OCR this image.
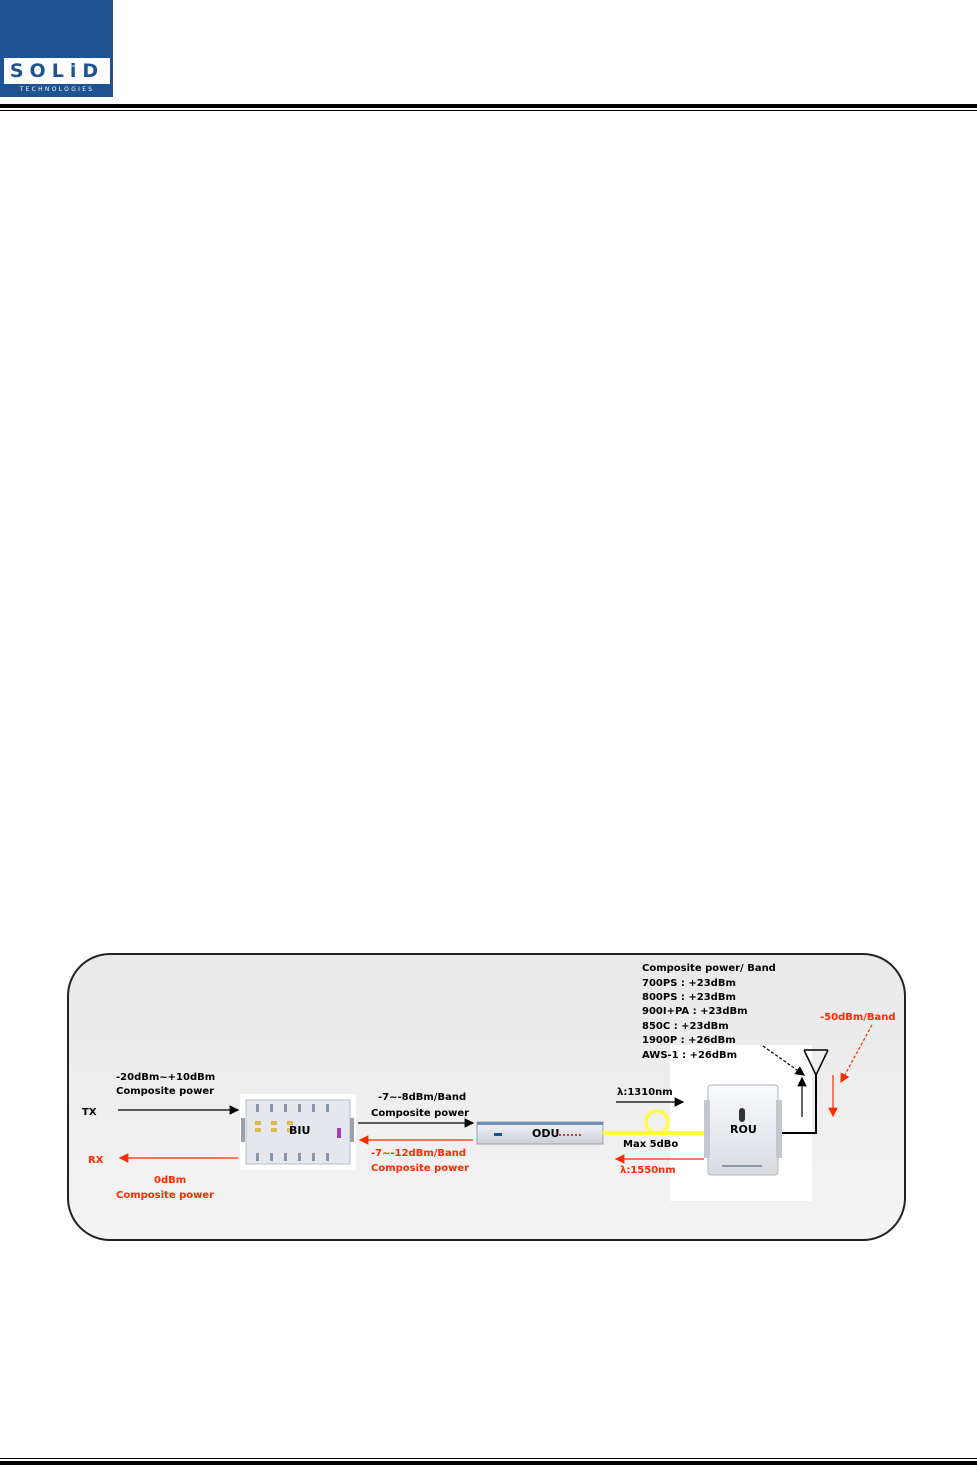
SOLiD
TECHNOLOGIES
BIU	ODU	ROU
TX
RX
-20dBm~+10dBm
Composite power
0dBm
Composite power
-7~-8dBm/Band
Composite power
-7~-12dBm/Band
Composite power
λ:1310nm
Max 5dBo
λ:1550nm
Composite power/ Band
700PS : +23dBm
800PS : +23dBm
900I+PA : +23dBm
850C : +23dBm
1900P : +26dBm
AWS-1 : +26dBm
-50dBm/Band
